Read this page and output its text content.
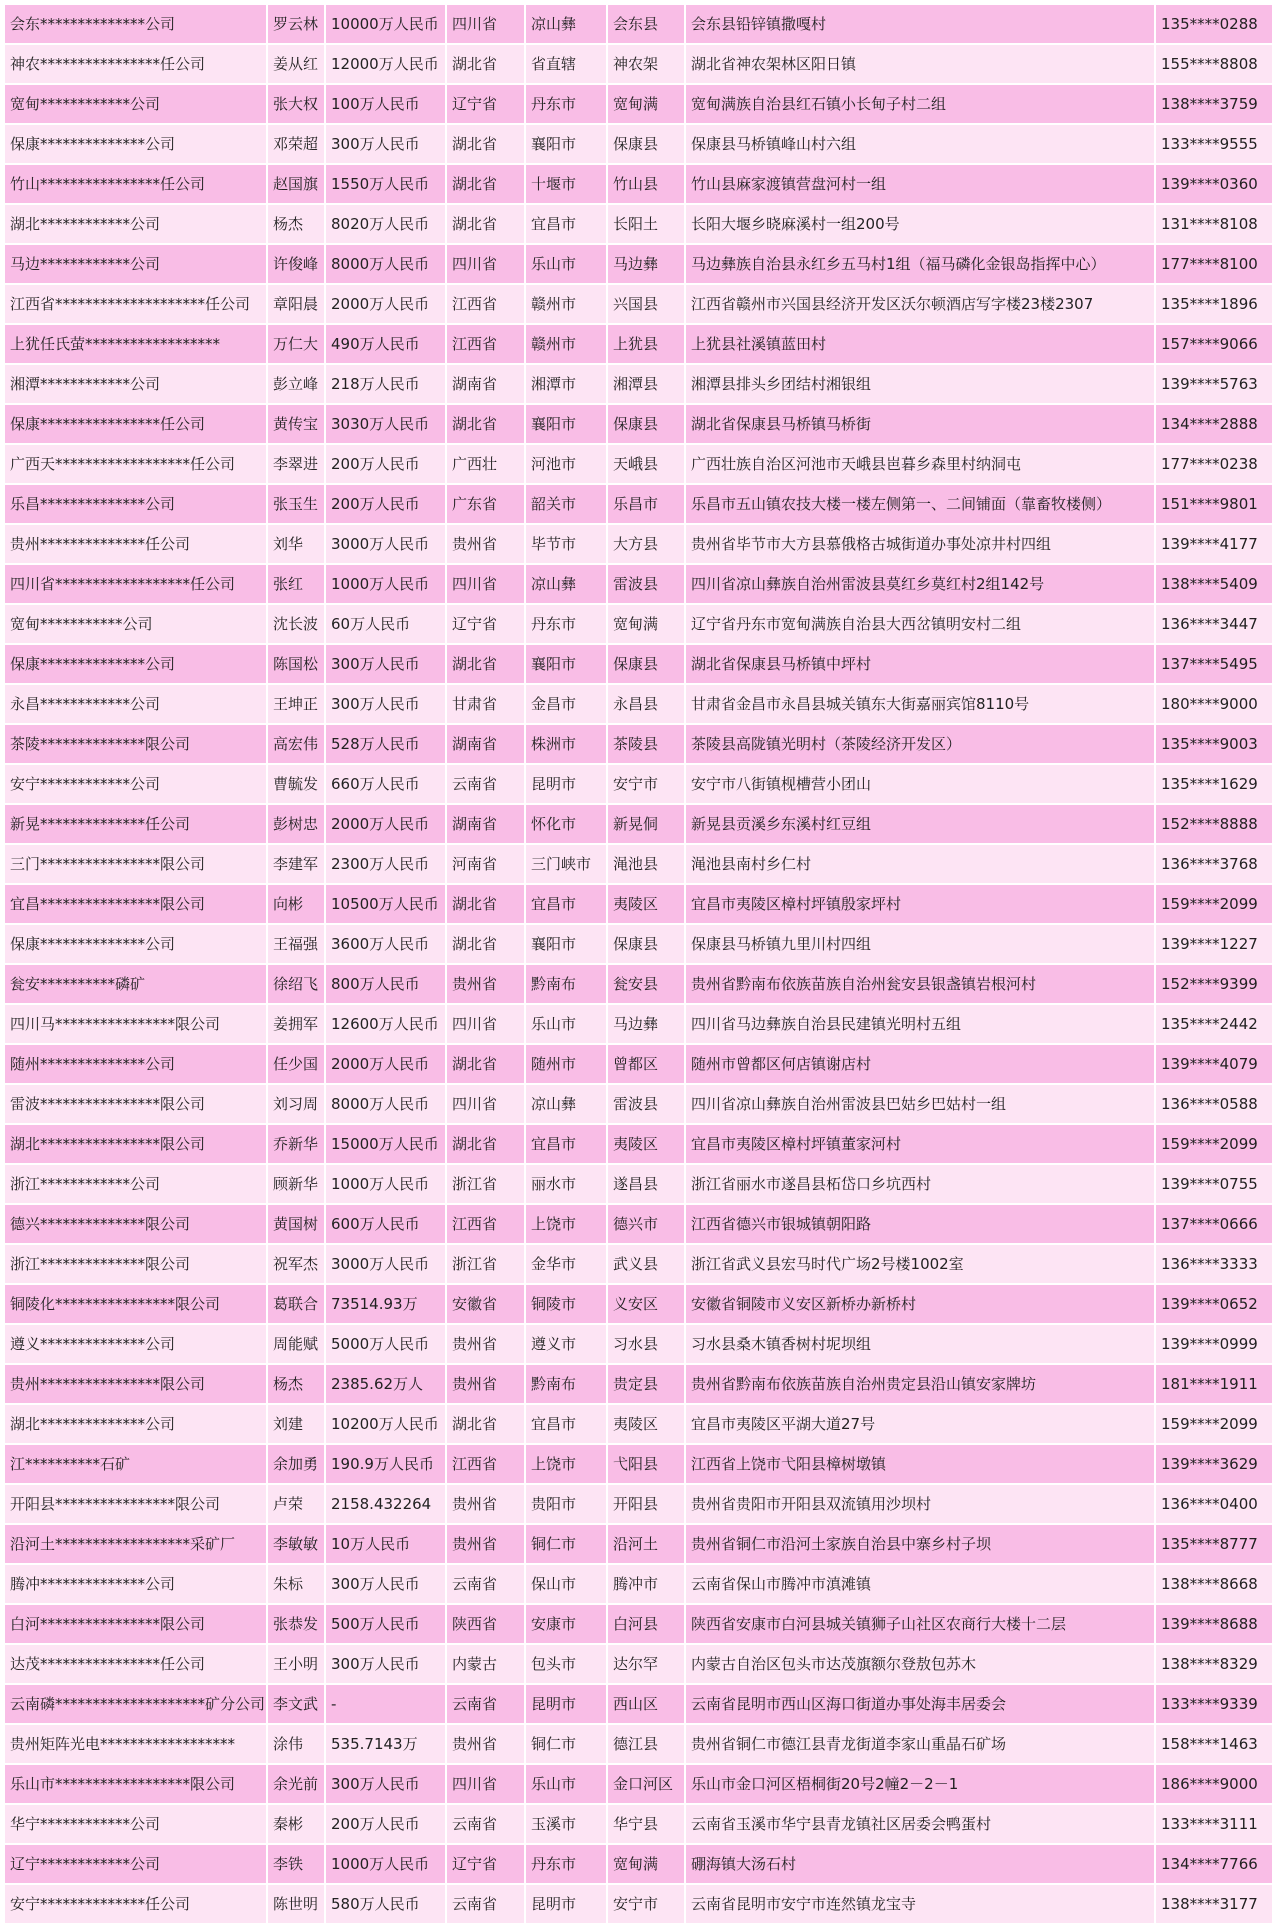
会东**************公司	罗云林	10000万人民币	四川省	凉山彝	会东县	会东县铅锌镇撒嘎村	135****0288
神农****************任公司	姜从红	12000万人民币	湖北省	省直辖	神农架	湖北省神农架林区阳日镇	155****8808
宽甸************公司	张大权	100万人民币	辽宁省	丹东市	宽甸满	宽甸满族自治县红石镇小长甸子村二组	138****3759
保康**************公司	邓荣超	300万人民币	湖北省	襄阳市	保康县	保康县马桥镇峰山村六组	133****9555
竹山****************任公司	赵国旗	1550万人民币	湖北省	十堰市	竹山县	竹山县麻家渡镇营盘河村一组	139****0360
湖北************公司	杨杰	8020万人民币	湖北省	宜昌市	长阳土	长阳大堰乡晓麻溪村一组200号	131****8108
马边************公司	许俊峰	8000万人民币	四川省	乐山市	马边彝	马边彝族自治县永红乡五马村1组（福马磷化金银岛指挥中心）	177****8100
江西省********************任公司	章阳晨	2000万人民币	江西省	赣州市	兴国县	江西省赣州市兴国县经济开发区沃尔顿酒店写字楼23楼2307	135****1896
上犹任氏萤******************	万仁大	490万人民币	江西省	赣州市	上犹县	上犹县社溪镇蓝田村	157****9066
湘潭************公司	彭立峰	218万人民币	湖南省	湘潭市	湘潭县	湘潭县排头乡团结村湘银组	139****5763
保康****************任公司	黄传宝	3030万人民币	湖北省	襄阳市	保康县	湖北省保康县马桥镇马桥街	134****2888
广西天******************任公司	李翠进	200万人民币	广西壮	河池市	天峨县	广西壮族自治区河池市天峨县岜暮乡森里村纳洞屯	177****0238
乐昌**************公司	张玉生	200万人民币	广东省	韶关市	乐昌市	乐昌市五山镇农技大楼一楼左侧第一、二间铺面（靠畜牧楼侧）	151****9801
贵州**************任公司	刘华	3000万人民币	贵州省	毕节市	大方县	贵州省毕节市大方县慕俄格古城街道办事处凉井村四组	139****4177
四川省******************任公司	张红	1000万人民币	四川省	凉山彝	雷波县	四川省凉山彝族自治州雷波县莫红乡莫红村2组142号	138****5409
宽甸***********公司	沈长波	60万人民币	辽宁省	丹东市	宽甸满	辽宁省丹东市宽甸满族自治县大西岔镇明安村二组	136****3447
保康**************公司	陈国松	300万人民币	湖北省	襄阳市	保康县	湖北省保康县马桥镇中坪村	137****5495
永昌************公司	王坤正	300万人民币	甘肃省	金昌市	永昌县	甘肃省金昌市永昌县城关镇东大街嘉丽宾馆8110号	180****9000
茶陵**************限公司	高宏伟	528万人民币	湖南省	株洲市	茶陵县	茶陵县高陇镇光明村（茶陵经济开发区）	135****9003
安宁************公司	曹毓发	660万人民币	云南省	昆明市	安宁市	安宁市八街镇枧槽营小团山	135****1629
新晃**************任公司	彭树忠	2000万人民币	湖南省	怀化市	新晃侗	新晃县贡溪乡东溪村红豆组	152****8888
三门****************限公司	李建军	2300万人民币	河南省	三门峡市	渑池县	渑池县南村乡仁村	136****3768
宜昌****************限公司	向彬	10500万人民币	湖北省	宜昌市	夷陵区	宜昌市夷陵区樟村坪镇殷家坪村	159****2099
保康**************公司	王福强	3600万人民币	湖北省	襄阳市	保康县	保康县马桥镇九里川村四组	139****1227
瓮安**********磷矿	徐绍飞	800万人民币	贵州省	黔南布	瓮安县	贵州省黔南布依族苗族自治州瓮安县银盏镇岩根河村	152****9399
四川马****************限公司	姜拥军	12600万人民币	四川省	乐山市	马边彝	四川省马边彝族自治县民建镇光明村五组	135****2442
随州**************公司	任少国	2000万人民币	湖北省	随州市	曾都区	随州市曾都区何店镇谢店村	139****4079
雷波****************限公司	刘习周	8000万人民币	四川省	凉山彝	雷波县	四川省凉山彝族自治州雷波县巴姑乡巴姑村一组	136****0588
湖北****************限公司	乔新华	15000万人民币	湖北省	宜昌市	夷陵区	宜昌市夷陵区樟村坪镇董家河村	159****2099
浙江************公司	顾新华	1000万人民币	浙江省	丽水市	遂昌县	浙江省丽水市遂昌县柘岱口乡坑西村	139****0755
德兴**************限公司	黄国树	600万人民币	江西省	上饶市	德兴市	江西省德兴市银城镇朝阳路	137****0666
浙江**************限公司	祝军杰	3000万人民币	浙江省	金华市	武义县	浙江省武义县宏马时代广场2号楼1002室	136****3333
铜陵化****************限公司	葛联合	73514.93万	安徽省	铜陵市	义安区	安徽省铜陵市义安区新桥办新桥村	139****0652
遵义**************公司	周能赋	5000万人民币	贵州省	遵义市	习水县	习水县桑木镇香树村坭坝组	139****0999
贵州****************限公司	杨杰	2385.62万人	贵州省	黔南布	贵定县	贵州省黔南布依族苗族自治州贵定县沿山镇安家牌坊	181****1911
湖北**************公司	刘建	10200万人民币	湖北省	宜昌市	夷陵区	宜昌市夷陵区平湖大道27号	159****2099
江**********石矿	余加勇	190.9万人民币	江西省	上饶市	弋阳县	江西省上饶市弋阳县樟树墩镇	139****3629
开阳县****************限公司	卢荣	2158.432264	贵州省	贵阳市	开阳县	贵州省贵阳市开阳县双流镇用沙坝村	136****0400
沿河土******************采矿厂	李敏敏	10万人民币	贵州省	铜仁市	沿河土	贵州省铜仁市沿河土家族自治县中寨乡村子坝	135****8777
腾冲**************公司	朱标	300万人民币	云南省	保山市	腾冲市	云南省保山市腾冲市滇滩镇	138****8668
白河****************限公司	张恭发	500万人民币	陕西省	安康市	白河县	陕西省安康市白河县城关镇狮子山社区农商行大楼十二层	139****8688
达茂****************任公司	王小明	300万人民币	内蒙古	包头市	达尔罕	内蒙古自治区包头市达茂旗额尔登敖包苏木	138****8329
云南磷********************矿分公司	李文武	-	云南省	昆明市	西山区	云南省昆明市西山区海口街道办事处海丰居委会	133****9339
贵州矩阵光电******************	涂伟	535.7143万	贵州省	铜仁市	德江县	贵州省铜仁市德江县青龙街道李家山重晶石矿场	158****1463
乐山市******************限公司	余光前	300万人民币	四川省	乐山市	金口河区	乐山市金口河区梧桐街20号2幢2－2－1	186****9000
华宁************公司	秦彬	200万人民币	云南省	玉溪市	华宁县	云南省玉溪市华宁县青龙镇社区居委会鸭蛋村	133****3111
辽宁************公司	李铁	1000万人民币	辽宁省	丹东市	宽甸满	硼海镇大汤石村	134****7766
安宁**************任公司	陈世明	580万人民币	云南省	昆明市	安宁市	云南省昆明市安宁市连然镇龙宝寺	138****3177
